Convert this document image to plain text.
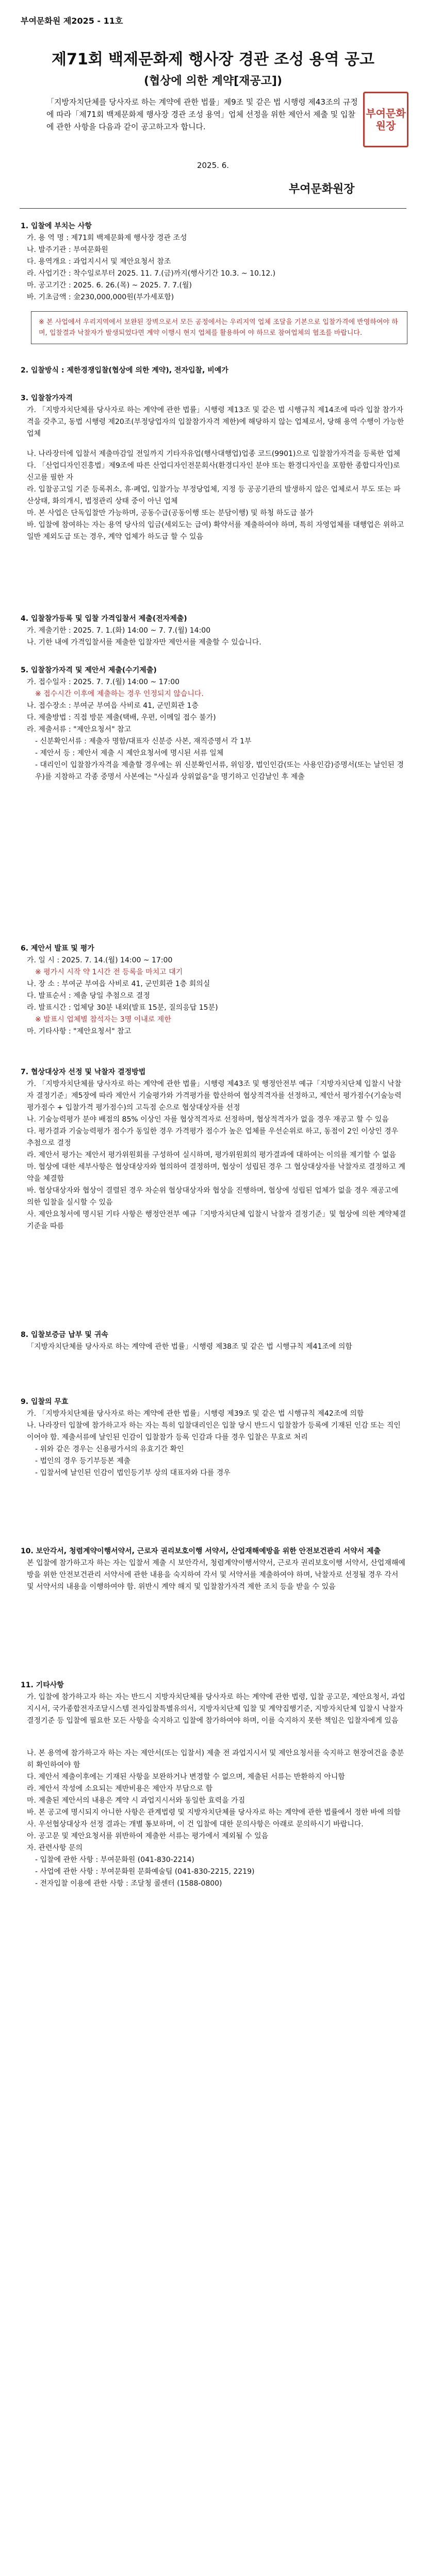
부여문화원 제2025 - 11호
제71회 백제문화제 행사장 경관 조성 용역 공고
(협상에 의한 계약[재공고])
「지방자치단체를 당사자로 하는 계약에 관한 법률」제9조 및 같은 법 시행령 제43조의 규정에 따라「제71회 백제문화제 행사장 경관 조성 용역」업체 선정을 위한 제안서 제출 및 입찰에 관한 사항을 다음과 같이 공고하고자 합니다.
부여문화원장
2025. 6.
부여문화원장

1. 입찰에 부치는 사항

가. 용 역 명 : 제71회 백제문화제 행사장 경관 조성

나. 발주기관 : 부여문화원

다. 용역개요 : 과업지시서 및 제안요청서 참조

라. 사업기간 : 착수일로부터 2025. 11. 7.(금)까지(행사기간 10.3. ~ 10.12.)

마. 공고기간 : 2025. 6. 26.(목) ~ 2025. 7. 7.(월)

바. 기초금액 : 金230,000,000원(부가세포함)

※ 본 사업에서 우리지역에서 보완된 장벽으로서 모든 공정에서는 우리지역 업체 조달을 기본으로 입찰가격에 반영하여야 하며, 입찰결과 낙찰자가 발생되었다면 계약 이행시 현지 업체를 활용하여 야 하므로 참여업체의 협조를 바랍니다.

2. 입찰방식 : 제한경쟁입찰(협상에 의한 계약), 전자입찰, 비예가

3. 입찰참가자격

가. 「지방자치단체를 당사자로 하는 계약에 관한 법률」시행령 제13조 및 같은 법 시행규칙 제14조에 따라 입찰 참가자격을 갖추고, 동법 시행령 제20조(부정당업자의 입찰참가자격 제한)에 해당하지 않는 업체로서, 당해 용역 수행이 가능한 업체

나. 나라장터에 입찰서 제출마감일 전일까지 기타자유업(행사대행업)업종 코드(9901)으로 입찰참가자격을 등록한 업체

다. 「산업디자인진흥법」제9조에 따른 산업디자인전문회사(환경디자인 분야 또는 환경디자인을 포함한 종합디자인)로 신고를 필한 자

라. 입찰공고일 기준 등록취소, 휴·폐업, 입찰가능 부정당업체, 지정 등 공공기관의 발생하지 않은 업체로서 부도 또는 파산상태, 화의개시, 법정관리 상태 중이 아닌 업체

마. 본 사업은 단독입찰만 가능하며, 공동수급(공동이행 또는 분담이행) 및 하청 하도급 불가

바. 입찰에 참여하는 자는 용역 당사의 입금(세외도는 급여) 확약서를 제출하여야 하며, 특히 자영업체를 대행업은 위하고 일반 제외도급 또는 경우, 계약 업체가 하도급 할 수 있음

4. 입찰참가등록 및 입찰 가격입찰서 제출(전자제출)

가. 제출기한 : 2025. 7. 1.(화) 14:00 ~ 7. 7.(월) 14:00

나. 기한 내에 가격입찰서를 제출한 입찰자만 제안서를 제출할 수 있습니다.

5. 입찰참가자격 및 제안서 제출(수기제출)

가. 접수일자 : 2025. 7. 7.(월) 14:00 ~ 17:00

※ 접수시간 이후에 제출하는 경우 인정되지 않습니다.

나. 접수장소 : 부여군 부여읍 사비로 41, 군민회관 1층

다. 제출방법 : 직접 방문 제출(택배, 우편, 이메일 접수 불가)

라. 제출서류 : "제안요청서" 참고

- 신분확인서류 : 제출자 명함/대표자 신분증 사본, 재직증명서 각 1부

- 제안서 등 : 제안서 제출 시 제안요청서에 명시된 서류 일체

- 대리인이 입찰참가자격을 제출할 경우에는 위 신분확인서류, 위임장, 법인인감(또는 사용인감)증명서(또는 날인된 경우)를 지참하고 각종 중명서 사본에는 "사실과 상위없음"을 명기하고 인감날인 후 제출

6. 제안서 발표 및 평가

가. 일 시 : 2025. 7. 14.(월) 14:00 ~ 17:00

※ 평가시 시작 약 1시간 전 등록을 마치고 대기

나. 장 소 : 부여군 부여읍 사비로 41, 군민회관 1층 회의실

다. 발표순서 : 제출 당일 추첨으로 결정

라. 발표시간 : 업체당 30분 내외(발표 15분, 질의응답 15분)

※ 발표시 업체별 참석자는 3명 이내로 제한

마. 기타사항 : "제안요청서" 참고

7. 협상대상자 선정 및 낙찰자 결정방법

가. 「지방자치단체를 당사자로 하는 계약에 관한 법률」시행령 제43조 및 행정안전부 예규「지방자치단체 입찰시 낙찰자 결정기준」제5장에 따라 제안서 기술평가와 가격평가를 합산하여 협상적격자를 선정하고, 제안서 평가점수(기술능력 평가점수 + 입찰가격 평가점수)의 고득점 순으로 협상대상자를 선정

나. 기술능력평가 분야 배점의 85% 이상인 자를 협상적격자로 선정하며, 협상적격자가 없을 경우 재공고 할 수 있음

다. 평가결과 기술능력평가 점수가 동일한 경우 가격평가 점수가 높은 업체를 우선순위로 하고, 동점이 2인 이상인 경우 추첨으로 결정

라. 제안서 평가는 제안서 평가위원회를 구성하여 실시하며, 평가위원회의 평가결과에 대하여는 이의를 제기할 수 없음

마. 협상에 대한 세부사항은 협상대상자와 협의하여 결정하며, 협상이 성립된 경우 그 협상대상자를 낙찰자로 결정하고 계약을 체결함

바. 협상대상자와 협상이 결렬된 경우 차순위 협상대상자와 협상을 진행하며, 협상에 성립된 업체가 없을 경우 재공고에 의한 입찰을 실시할 수 있음

사. 제안요청서에 명시된 기타 사항은 행정안전부 예규「지방자치단체 입찰시 낙찰자 결정기준」및 협상에 의한 계약체결기준을 따름

8. 입찰보증금 납부 및 귀속

「지방자치단체를 당사자로 하는 계약에 관한 법률」시행령 제38조 및 같은 법 시행규칙 제41조에 의함

9. 입찰의 무효

가. 「지방자치단체를 당사자로 하는 계약에 관한 법률」시행령 제39조 및 같은 법 시행규칙 제42조에 의함

나. 나라장터 입찰에 참가하고자 하는 자는 특히 입찰대리인은 입찰 당시 반드시 입찰참가 등록에 기재된 인감 또는 직인이어야 함. 제출서류에 날인된 인감이 입찰참가 등록 인감과 다를 경우 입찰은 무효로 처리

- 위와 같은 경우는 신용평가서의 유효기간 확인

- 법인의 경우 등기부등본 제출

- 입찰서에 날인된 인감이 법인등기부 상의 대표자와 다를 경우

10. 보안각서, 청렴계약이행서약서, 근로자 권리보호이행 서약서, 산업재해예방을 위한 안전보건관리 서약서 제출

본 입찰에 참가하고자 하는 자는 입찰서 제출 시 보안각서, 청렴계약이행서약서, 근로자 권리보호이행 서약서, 산업재해예방을 위한 안전보건관리 서약서에 관한 내용을 숙지하여 각서 및 서약서를 제출하여야 하며, 낙찰자로 선정될 경우 각서 및 서약서의 내용을 이행하여야 함. 위반시 계약 해지 및 입찰참가자격 제한 조치 등을 받을 수 있음

11. 기타사항

가. 입찰에 참가하고자 하는 자는 반드시 지방자치단체를 당사자로 하는 계약에 관한 법령, 입찰 공고문, 제안요청서, 과업지시서, 국가종합전자조달시스템 전자입찰특별유의서, 지방자치단체 입찰 및 계약집행기준, 지방자치단체 입찰시 낙찰자 결정기준 등 입찰에 필요한 모든 사항을 숙지하고 입찰에 참가하여야 하며, 이를 숙지하지 못한 책임은 입찰자에게 있음

나. 본 용역에 참가하고자 하는 자는 제안서(또는 입찰서) 제출 전 과업지시서 및 제안요청서를 숙지하고 현장여건을 충분히 확인하여야 함

다. 제안서 제출이후에는 기재된 사항을 보완하거나 변경할 수 없으며, 제출된 서류는 반환하지 아니함

라. 제안서 작성에 소요되는 제반비용은 제안자 부담으로 함

마. 제출된 제안서의 내용은 계약 시 과업지시서와 동일한 효력을 가짐

바. 본 공고에 명시되지 아니한 사항은 관계법령 및 지방자치단체를 당사자로 하는 계약에 관한 법률에서 정한 바에 의함

사. 우선협상대상자 선정 결과는 개별 통보하며, 이 건 입찰에 대한 문의사항은 아래로 문의하시기 바랍니다.

아. 공고문 및 제안요청서를 위반하여 제출한 서류는 평가에서 제외될 수 있음

자. 관련사항 문의

- 입찰에 관한 사항 : 부여문화원 (041-830-2214)

- 사업에 관한 사항 : 부여문화원 문화예술팀 (041-830-2215, 2219)

- 전자입찰 이용에 관한 사항 : 조달청 콜센터 (1588-0800)
